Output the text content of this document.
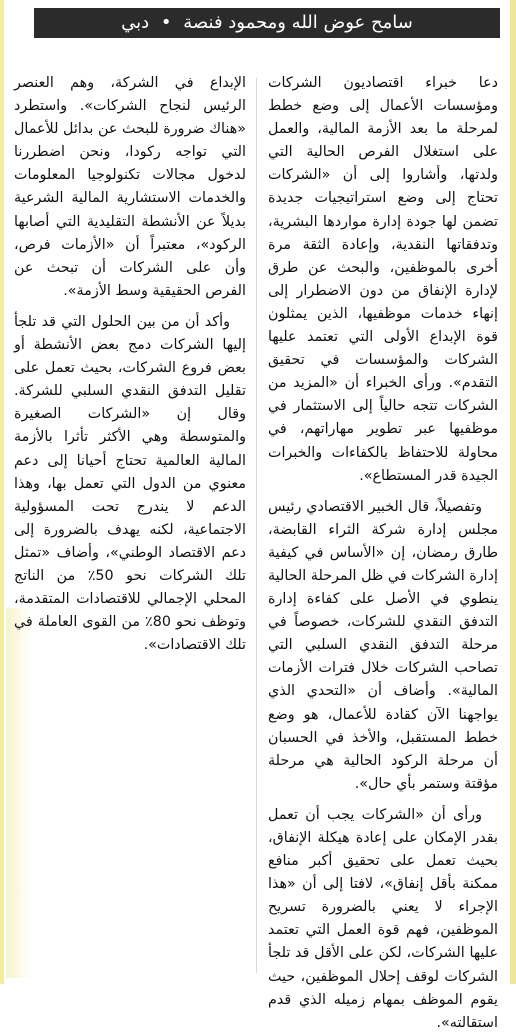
سامح عوض الله ومحمود فنصة • دبي

دعا خبراء اقتصاديون الشركات ومؤسسات الأعمال إلى وضع خطط لمرحلة ما بعد الأزمة المالية، والعمل على استغلال الفرص الحالية التي ولدتها، وأشاروا إلى أن «الشركات تحتاج إلى وضع استراتيجيات جديدة تضمن لها جودة إدارة مواردها البشرية، وتدفقاتها النقدية، وإعادة الثقة مرة أخرى بالموظفين، والبحث عن طرق لإدارة الإنفاق من دون الاضطرار إلى إنهاء خدمات موظفيها، الذين يمثلون قوة الإبداع الأولى التي تعتمد عليها الشركات والمؤسسات في تحقيق التقدم». ورأى الخبراء أن «المزيد من الشركات تتجه حالياً إلى الاستثمار في موظفيها عبر تطوير مهاراتهم، في محاولة للاحتفاظ بالكفاءات والخبرات الجيدة قدر المستطاع».

وتفصيلاً، قال الخبير الاقتصادي رئيس مجلس إدارة شركة الثراء القابضة، طارق رمضان، إن «الأساس في كيفية إدارة الشركات في ظل المرحلة الحالية ينطوي في الأصل على كفاءة إدارة التدفق النقدي للشركات، خصوصاً في مرحلة التدفق النقدي السلبي التي تصاحب الشركات خلال فترات الأزمات المالية». وأضاف أن «التحدي الذي يواجهنا الآن كقادة للأعمال، هو وضع خطط المستقبل، والأخذ في الحسبان أن مرحلة الركود الحالية هي مرحلة مؤقتة وستمر بأي حال».

ورأى أن «الشركات يجب أن تعمل بقدر الإمكان على إعادة هيكلة الإنفاق، بحيث تعمل على تحقيق أكبر منافع ممكنة بأقل إنفاق»، لافتا إلى أن «هذا الإجراء لا يعني بالضرورة تسريح الموظفين، فهم قوة العمل التي تعتمد عليها الشركات، لكن على الأقل قد تلجأ الشركات لوقف إحلال الموظفين، حيث يقوم الموظف بمهام زميله الذي قدم استقالته».

الإبداع في الشركة، وهم العنصر الرئيس لنجاح الشركات». واستطرد «هناك ضرورة للبحث عن بدائل للأعمال التي تواجه ركودا، ونحن اضطررنا لدخول مجالات تكنولوجيا المعلومات والخدمات الاستشارية المالية الشرعية بديلاً عن الأنشطة التقليدية التي أصابها الركود»، معتبراً أن «الأزمات فرص، وأن على الشركات أن تبحث عن الفرص الحقيقية وسط الأزمة».

وأكد أن من بين الحلول التي قد تلجأ إليها الشركات دمج بعض الأنشطة أو بعض فروع الشركات، بحيث تعمل على تقليل التدفق النقدي السلبي للشركة. وقال إن «الشركات الصغيرة والمتوسطة وهي الأكثر تأثرا بالأزمة المالية العالمية تحتاج أحيانا إلى دعم معنوي من الدول التي تعمل بها، وهذا الدعم لا يندرج تحت المسؤولية الاجتماعية، لكنه يهدف بالضرورة إلى دعم الاقتصاد الوطني»، وأضاف «تمثل تلك الشركات نحو 50٪ من الناتج المحلي الإجمالي للاقتصادات المتقدمة، وتوظف نحو 80٪ من القوى العاملة في تلك الاقتصادات».
